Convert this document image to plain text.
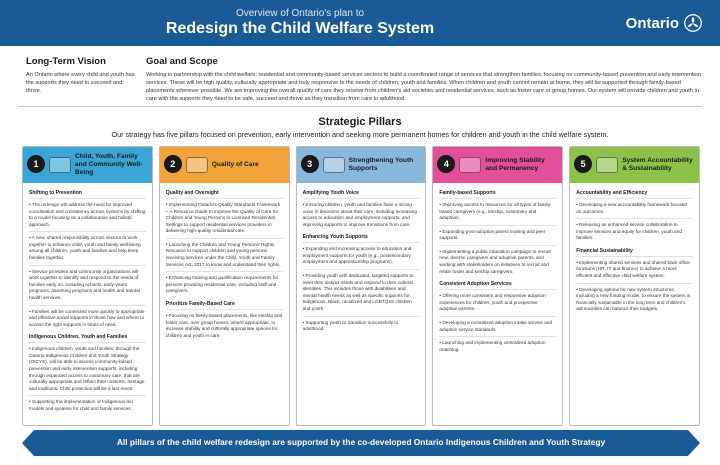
Overview of Ontario's plan to
Redesign the Child Welfare System	Ontario
Long-Term Vision
An Ontario where every child and youth has the supports they need to succeed and thrive.
Goal and Scope
Working in partnership with the child welfare, residential and community-based services sectors to build a coordinated range of services that strengthen families, focusing on community-based prevention and early intervention services. These will be high quality, culturally appropriate and truly responsive to the needs of children, youth and families. When children and youth cannot remain at home, they will be supported through family-based placements wherever possible. We are improving the overall quality of care they receive from children's aid societies and residential services, such as foster care or group homes. Our system will provide children and youth in care with the supports they need to be safe, succeed and thrive as they transition from care to adulthood.
Strategic Pillars
Our strategy has five pillars focused on prevention, early intervention and seeking more permanent homes for children and youth in the child welfare system.
1
Child, Youth, Family and Community Well-Being
Shifting to Prevention
• The redesign will address the need for improved coordination and consistency across systems by shifting to a model focusing on a collaborative and holistic approach.
• A new, shared responsibility across sectors to work together to enhance child, youth and family well-being among all children, youth and families and help keep families together.
• Service providers and community organizations will work together to identify and respond to the needs of families early on, including schools, early-years programs, parenting programs and health and mental health services.
• Families will be connected more quickly to appropriate and effective social supports in those how and where to access the right supports in times of need.
Indigenous Children, Youth and Families
• Indigenous children, youth and families, through the Ontario Indigenous Children and Youth Strategy (OICYS), will be able to access community-based prevention and early intervention supports, including through expanded access to customary care, that are culturally appropriate and reflect their customs, heritage and traditions. Child protection will be a last resort.
• Supporting the implementation of Indigenous-led models and systems for child and family services.
2	Quality of Care
Quality and Oversight
• Implementing Ontario's Quality Standards Framework – A Resource Guide to Improve the Quality of Care for Children and Young Persons in Licensed Residential Settings to support residential services providers in delivering high-quality residential care.
• Launching the Children and Young Persons' Rights Resource to support children and young persons receiving services under the Child, Youth and Family Services Act, 2017 to know and understand their rights.
• Enhancing training and qualification requirements for persons providing residential care, including staff and caregivers.
Prioritize Family-Based Care
• Focusing on family-based placements, like kinship and foster care, over group homes, where appropriate, to increase stability and culturally appropriate options for children and youth in care.
3	Strengthening Youth Supports
Amplifying Youth Voice
• Ensuring children, youth and families have a strong voice in decisions about their care, including increasing access to education and employment supports, and improving supports to improve transitions from care.
Enhancing Youth Supports
• Expanding and increasing access to education and employment supports for youth (e.g., postsecondary, employment and apprenticeship programs).
• Providing youth with dedicated, targeted supports to meet their distinct needs and respond to their cultural identities. This includes those with disabilities and mental health needs as well as specific supports for Indigenous, Black, racialized and LGBTQ2S children and youth.
• Supporting youth to transition successfully to adulthood.
4	Improving Stability and Permanency
Family-based Supports
• Improving access to resources for all types of family-based caregivers (e.g., kinship, customary and adoptive).
• Expanding post-adoption parent training and peer supports.
• Implementing a public education campaign to recruit new, diverse caregivers and adoptive parents, and working with stakeholders on initiatives to recruit and retain foster and kinship caregivers.
Consistent Adoption Services
• Offering more consistent and responsive adoption experiences for children, youth and prospective adoptive parents.
• Developing a centralized adoption intake service and adoption service standards.
• Launching and implementing centralized adoption matching.
5	System Accountability & Sustainability
Accountability and Efficiency
• Developing a new accountability framework focused on outcomes.
• Releasing an enhanced service collaboration to improve services and equity for children, youth and families.
Financial Sustainability
• Implementing shared services and shared back office functions (HR, IT and finance) to achieve a more efficient and effective child welfare system.
• Developing options for new system structures, including a new funding model, to ensure the system is financially sustainable in the long term and children's aid societies can balance their budgets.
All pillars of the child welfare redesign are supported by the co-developed Ontario Indigenous Children and Youth Strategy
